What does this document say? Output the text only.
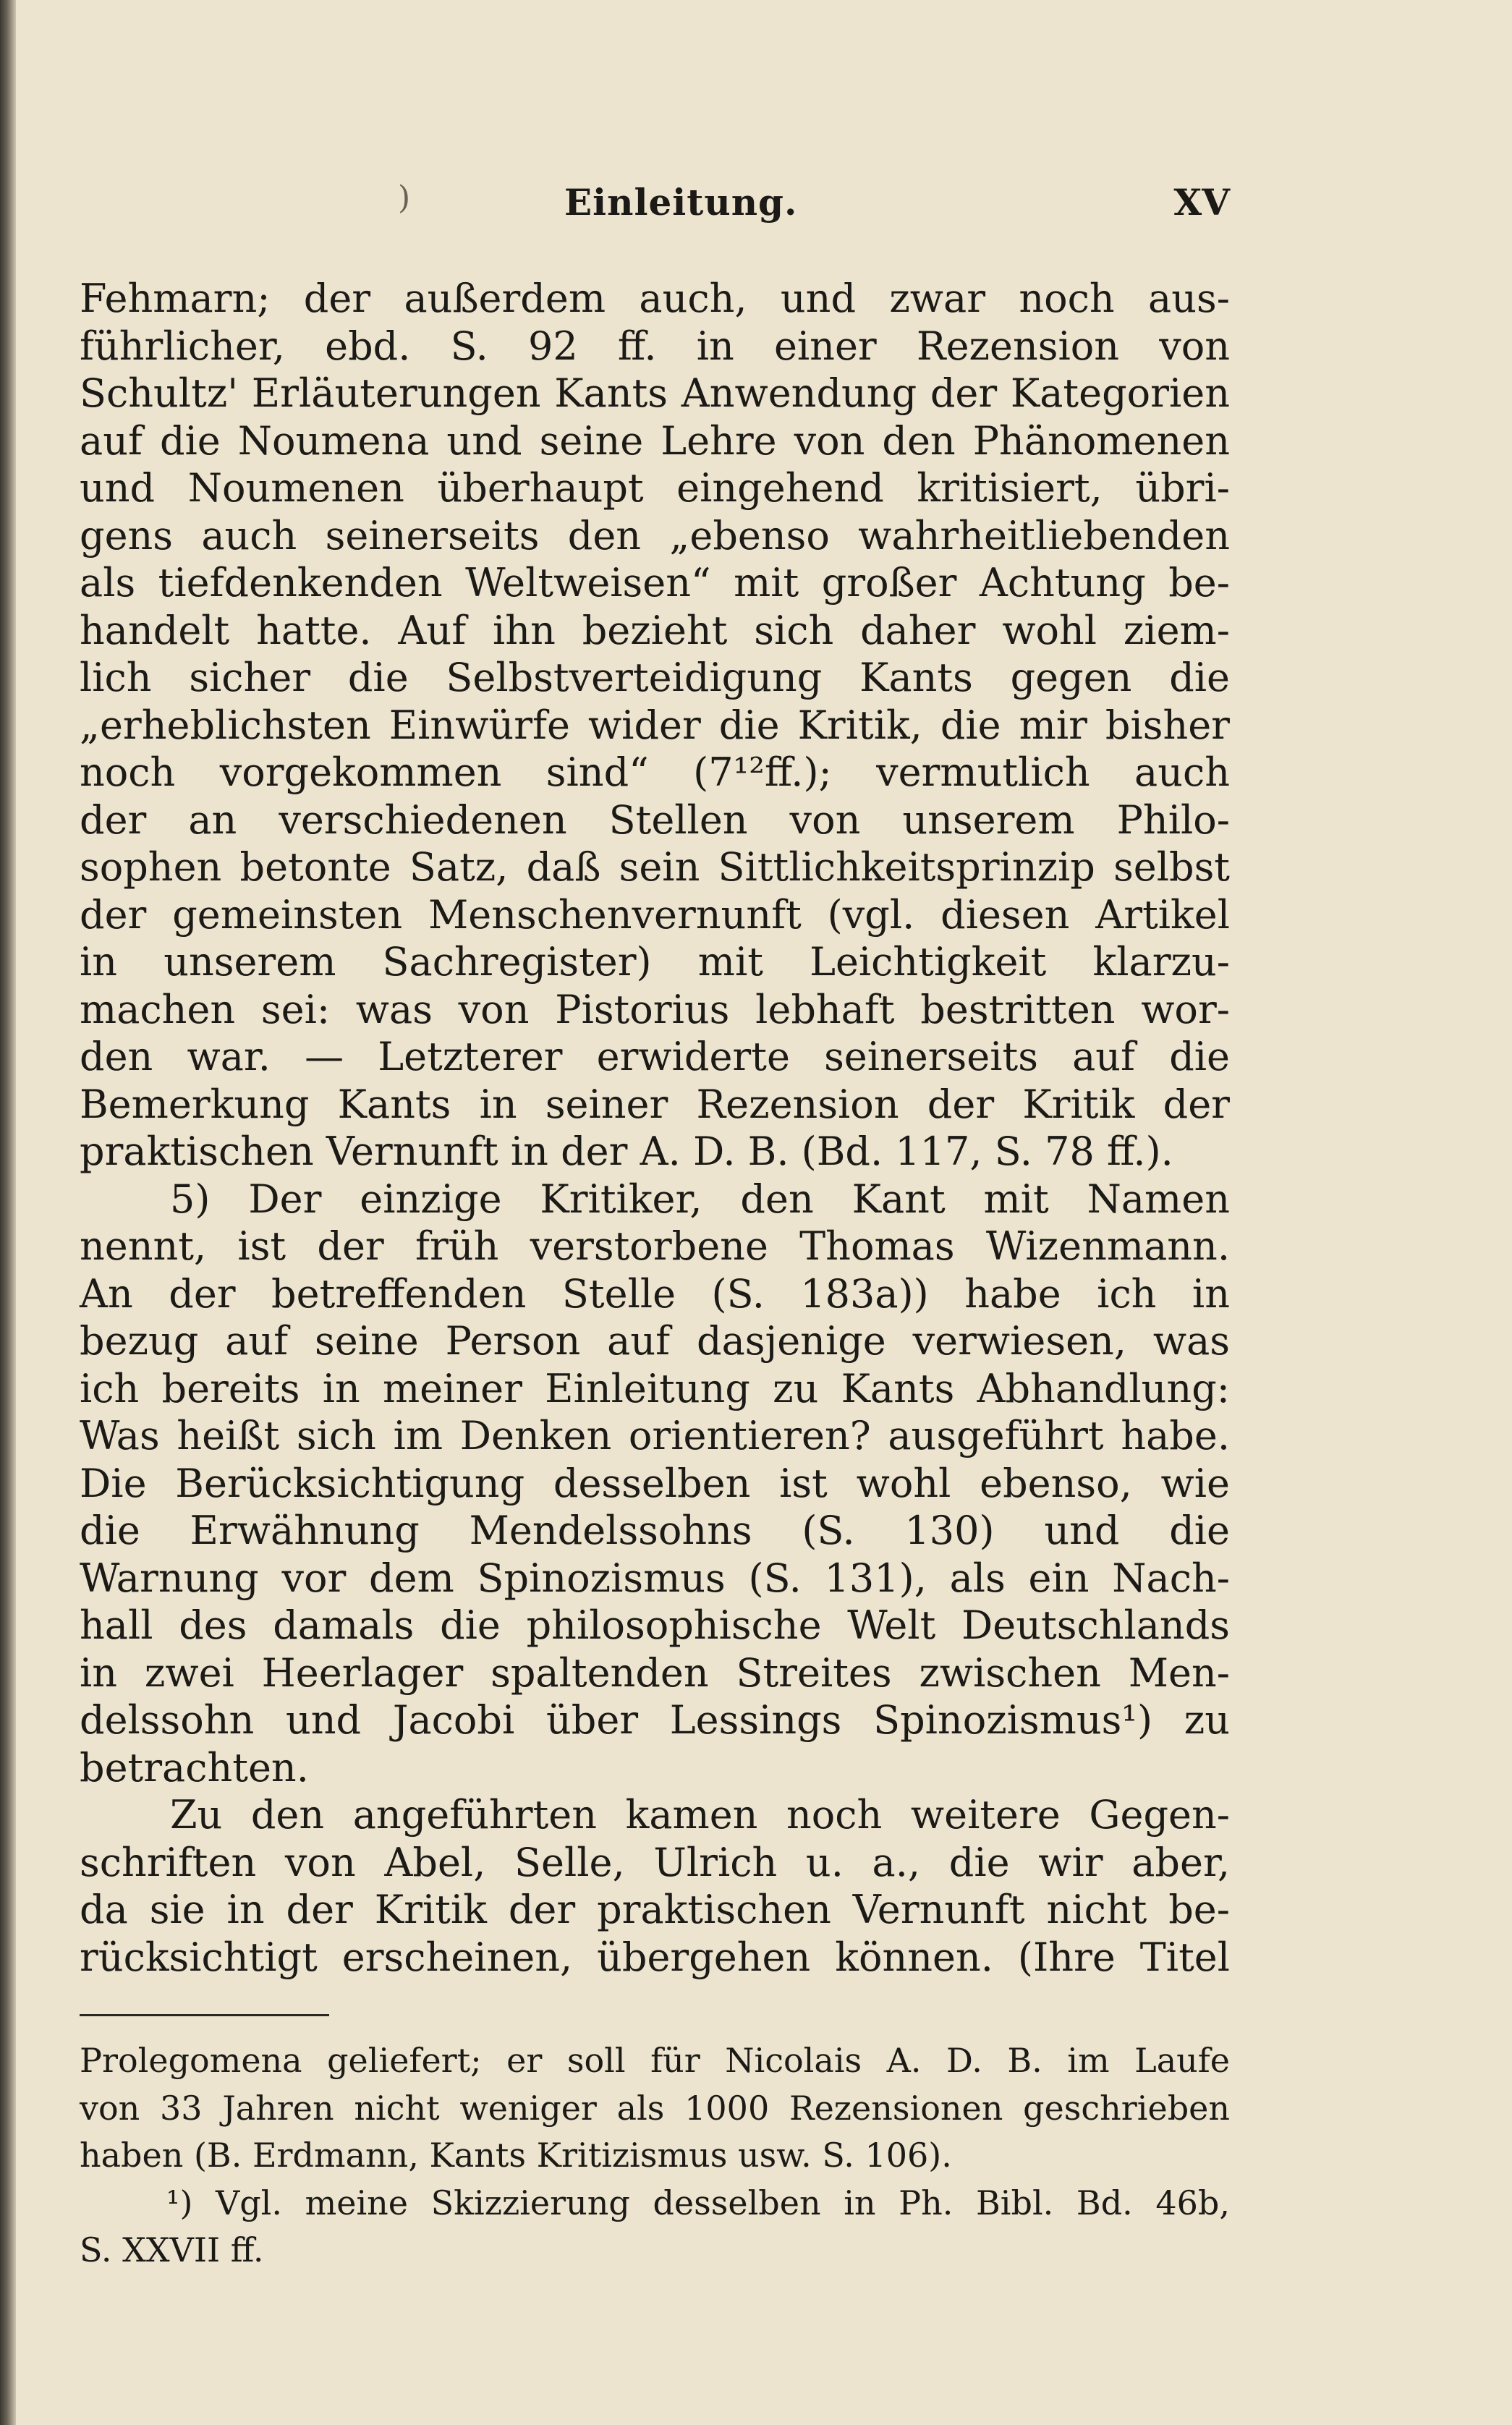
)	Einleitung.	XV
Fehmarn; der außerdem auch, und zwar noch aus-
führlicher, ebd. S. 92 ff. in einer Rezension von
Schultz' Erläuterungen Kants Anwendung der Kategorien
auf die Noumena und seine Lehre von den Phänomenen
und Noumenen überhaupt eingehend kritisiert, übri-
gens auch seinerseits den „ebenso wahrheitliebenden
als tiefdenkenden Weltweisen“ mit großer Achtung be-
handelt hatte. Auf ihn bezieht sich daher wohl ziem-
lich sicher die Selbstverteidigung Kants gegen die
„erheblichsten Einwürfe wider die Kritik, die mir bisher
noch vorgekommen sind“ (7¹²ff.); vermutlich auch
der an verschiedenen Stellen von unserem Philo-
sophen betonte Satz, daß sein Sittlichkeitsprinzip selbst
der gemeinsten Menschenvernunft (vgl. diesen Artikel
in unserem Sachregister) mit Leichtigkeit klarzu-
machen sei: was von Pistorius lebhaft bestritten wor-
den war. — Letzterer erwiderte seinerseits auf die
Bemerkung Kants in seiner Rezension der Kritik der
praktischen Vernunft in der A. D. B. (Bd. 117, S. 78 ff.).
5) Der einzige Kritiker, den Kant mit Namen
nennt, ist der früh verstorbene Thomas Wizenmann.
An der betreffenden Stelle (S. 183a)) habe ich in
bezug auf seine Person auf dasjenige verwiesen, was
ich bereits in meiner Einleitung zu Kants Abhandlung:
Was heißt sich im Denken orientieren? ausgeführt habe.
Die Berücksichtigung desselben ist wohl ebenso, wie
die Erwähnung Mendelssohns (S. 130) und die
Warnung vor dem Spinozismus (S. 131), als ein Nach-
hall des damals die philosophische Welt Deutschlands
in zwei Heerlager spaltenden Streites zwischen Men-
delssohn und Jacobi über Lessings Spinozismus¹) zu
betrachten.
Zu den angeführten kamen noch weitere Gegen-
schriften von Abel, Selle, Ulrich u. a., die wir aber,
da sie in der Kritik der praktischen Vernunft nicht be-
rücksichtigt erscheinen, übergehen können. (Ihre Titel
Prolegomena geliefert; er soll für Nicolais A. D. B. im Laufe
von 33 Jahren nicht weniger als 1000 Rezensionen geschrieben
haben (B. Erdmann, Kants Kritizismus usw. S. 106).
¹) Vgl. meine Skizzierung desselben in Ph. Bibl. Bd. 46b,
S. XXVII ff.
